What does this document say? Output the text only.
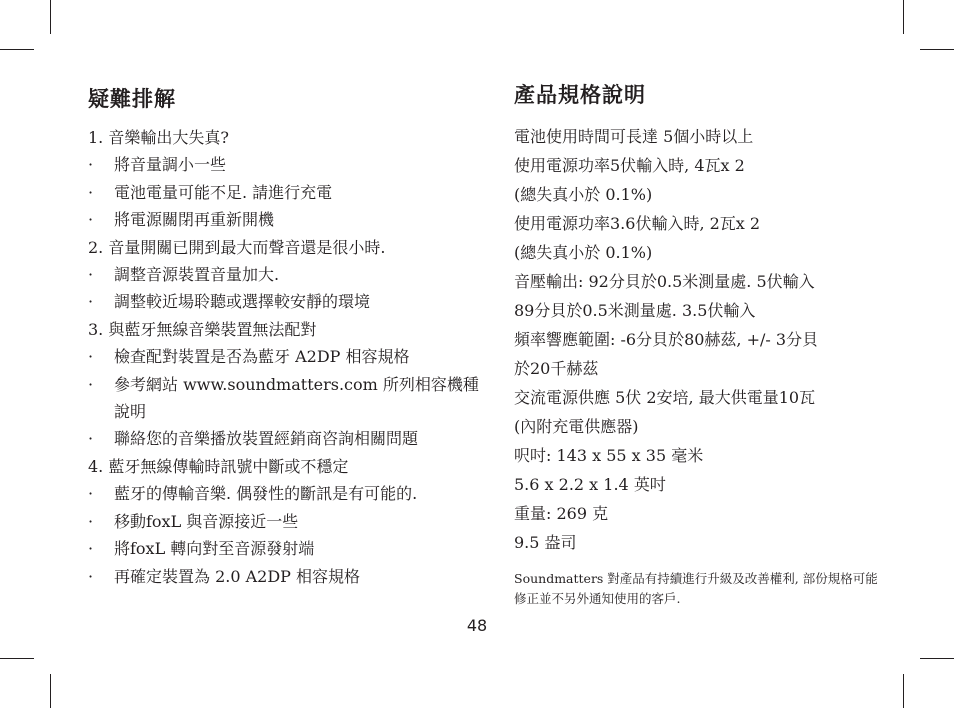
疑難排解
1. 音樂輸出大失真?
· 將音量調小一些
· 電池電量可能不足. 請進行充電
· 將電源關閉再重新開機
2. 音量開關已開到最大而聲音還是很小時.
· 調整音源裝置音量加大.
· 調整較近場聆聽或選擇較安靜的環境
3. 與藍牙無線音樂裝置無法配對
· 檢查配對裝置是否為藍牙 A2DP 相容規格
· 參考網站 www.soundmatters.com 所列相容機種說明
· 聯絡您的音樂播放裝置經銷商咨詢相關問題
4. 藍牙無線傳輸時訊號中斷或不穩定
· 藍牙的傳輸音樂. 偶發性的斷訊是有可能的.
· 移動foxL 與音源接近一些
· 將foxL 轉向對至音源發射端
· 再確定裝置為 2.0 A2DP 相容規格
產品規格說明
電池使用時間可長達 5個小時以上
使用電源功率5伏輸入時, 4瓦x 2
(總失真小於 0.1%)
使用電源功率3.6伏輸入時, 2瓦x 2
(總失真小於 0.1%)
音壓輸出: 92分貝於0.5米測量處. 5伏輸入
89分貝於0.5米測量處. 3.5伏輸入
頻率響應範圍: -6分貝於80赫茲, +/- 3分貝
於20千赫茲
交流電源供應 5伏 2安培, 最大供電量10瓦
(內附充電供應器)
呎吋: 143 x 55 x 35 毫米
5.6 x 2.2 x 1.4 英吋
重量: 269 克
9.5 盎司

Soundmatters 對產品有持續進行升級及改善權利, 部份規格可能修正並不另外通知使用的客戶.

48
